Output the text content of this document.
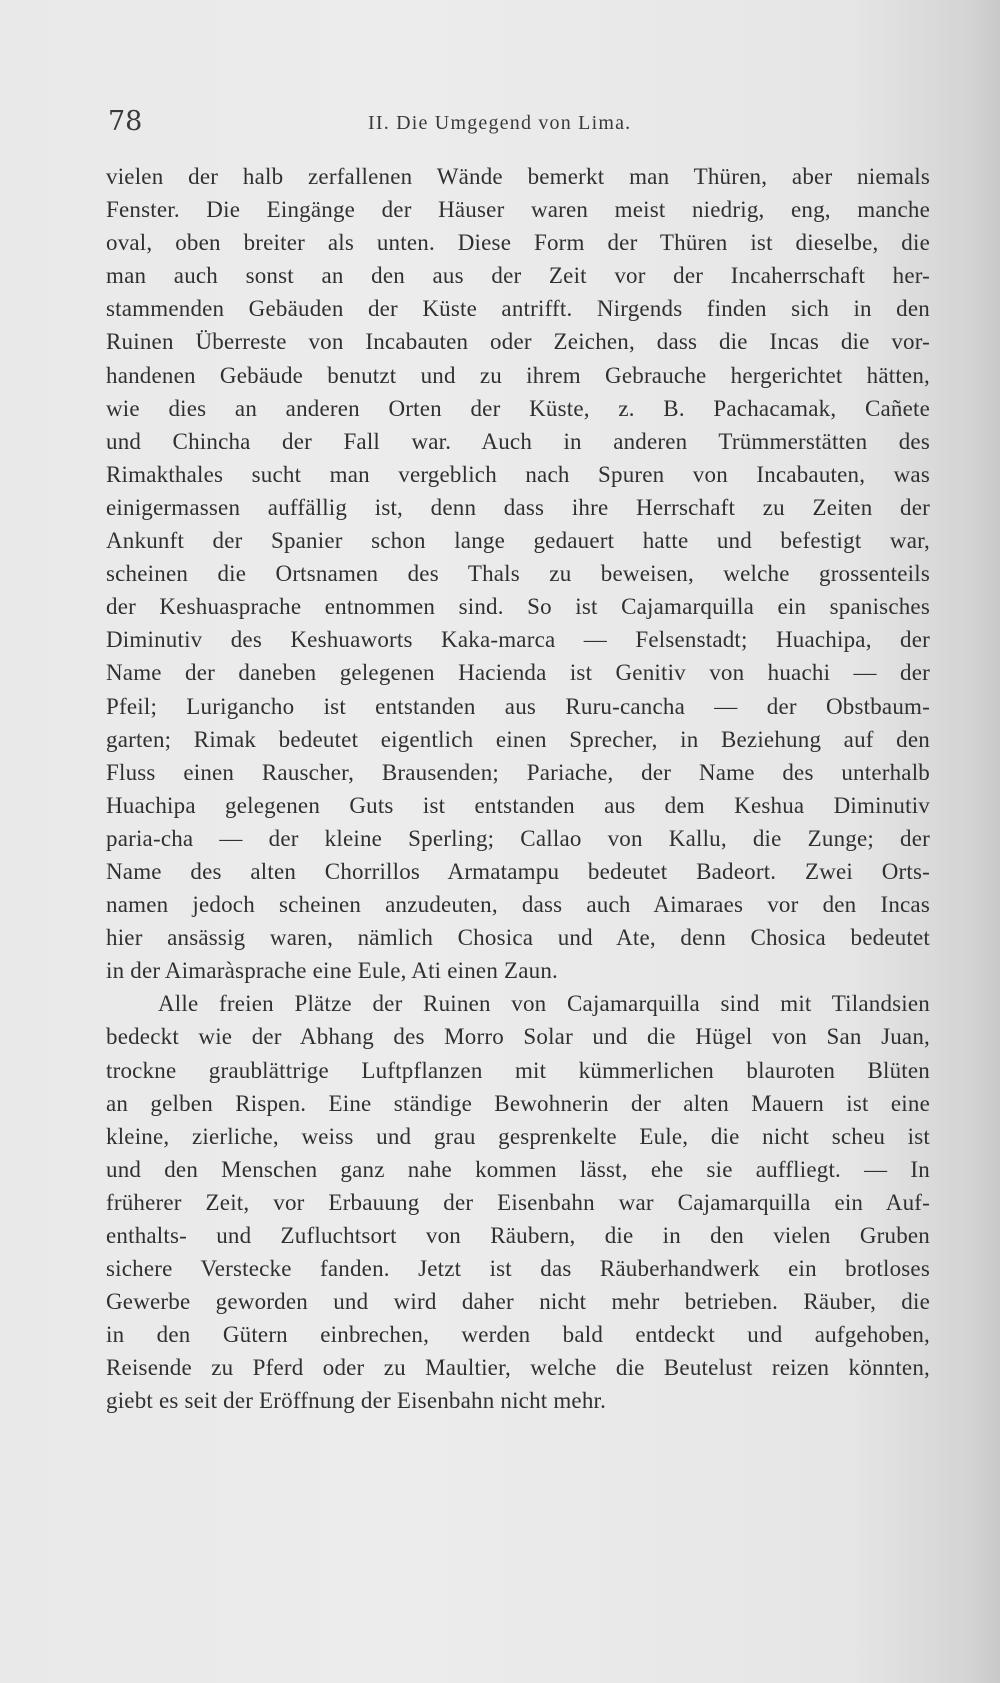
78	II. Die Umgegend von Lima.
vielen der halb zerfallenen Wände bemerkt man Thüren, aber niemals
Fenster. Die Eingänge der Häuser waren meist niedrig, eng, manche
oval, oben breiter als unten. Diese Form der Thüren ist dieselbe, die
man auch sonst an den aus der Zeit vor der Incaherrschaft her-
stammenden Gebäuden der Küste antrifft. Nirgends finden sich in den
Ruinen Überreste von Incabauten oder Zeichen, dass die Incas die vor-
handenen Gebäude benutzt und zu ihrem Gebrauche hergerichtet hätten,
wie dies an anderen Orten der Küste, z. B. Pachacamak, Cañete
und Chincha der Fall war. Auch in anderen Trümmerstätten des
Rimakthales sucht man vergeblich nach Spuren von Incabauten, was
einigermassen auffällig ist, denn dass ihre Herrschaft zu Zeiten der
Ankunft der Spanier schon lange gedauert hatte und befestigt war,
scheinen die Ortsnamen des Thals zu beweisen, welche grossenteils
der Keshuasprache entnommen sind. So ist Cajamarquilla ein spanisches
Diminutiv des Keshuaworts Kaka-marca — Felsenstadt; Huachipa, der
Name der daneben gelegenen Hacienda ist Genitiv von huachi — der
Pfeil; Lurigancho ist entstanden aus Ruru-cancha — der Obstbaum-
garten; Rimak bedeutet eigentlich einen Sprecher, in Beziehung auf den
Fluss einen Rauscher, Brausenden; Pariache, der Name des unterhalb
Huachipa gelegenen Guts ist entstanden aus dem Keshua Diminutiv
paria-cha — der kleine Sperling; Callao von Kallu, die Zunge; der
Name des alten Chorrillos Armatampu bedeutet Badeort. Zwei Orts-
namen jedoch scheinen anzudeuten, dass auch Aimaraes vor den Incas
hier ansässig waren, nämlich Chosica und Ate, denn Chosica bedeutet
in der Aimaràsprache eine Eule, Ati einen Zaun.
Alle freien Plätze der Ruinen von Cajamarquilla sind mit Tilandsien
bedeckt wie der Abhang des Morro Solar und die Hügel von San Juan,
trockne graublättrige Luftpflanzen mit kümmerlichen blauroten Blüten
an gelben Rispen. Eine ständige Bewohnerin der alten Mauern ist eine
kleine, zierliche, weiss und grau gesprenkelte Eule, die nicht scheu ist
und den Menschen ganz nahe kommen lässt, ehe sie auffliegt. — In
früherer Zeit, vor Erbauung der Eisenbahn war Cajamarquilla ein Auf-
enthalts- und Zufluchtsort von Räubern, die in den vielen Gruben
sichere Verstecke fanden. Jetzt ist das Räuberhandwerk ein brotloses
Gewerbe geworden und wird daher nicht mehr betrieben. Räuber, die
in den Gütern einbrechen, werden bald entdeckt und aufgehoben,
Reisende zu Pferd oder zu Maultier, welche die Beutelust reizen könnten,
giebt es seit der Eröffnung der Eisenbahn nicht mehr.
